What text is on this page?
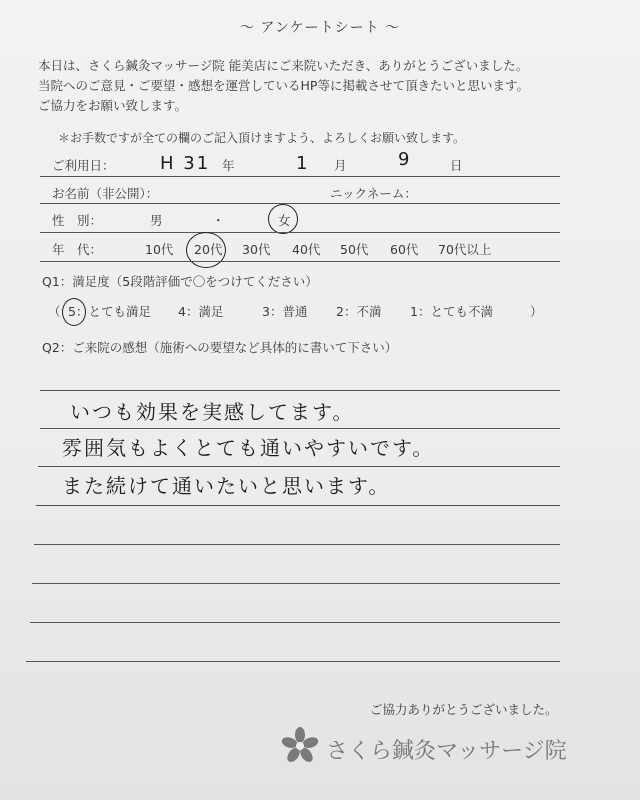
～ アンケートシート ～
本日は、さくら鍼灸マッサージ院 能美店にご来院いただき、ありがとうございました。
当院へのご意見・ご要望・感想を運営しているHP等に掲載させて頂きたいと思います。
ご協力をお願い致します。
＊お手数ですが全ての欄のご記入頂けますよう、よろしくお願い致します。
ご利用日：	H 31 年	1 月	9	日
お名前（非公開）：	ニックネーム：
性　別：	男	・	女
年　代：	10代 20代 30代 40代 50代 60代 70代以上
Q1：満足度（5段階評価で〇をつけてください）
（ 5：とても満足 4：満足	3：普通 2：不満 1：とても不満	）
Q2：ご来院の感想（施術への要望など具体的に書いて下さい）
いつも効果を実感してます。
雰囲気もよくとても通いやすいです。
また続けて通いたいと思います。
ご協力ありがとうございました。
さくら鍼灸マッサージ院
